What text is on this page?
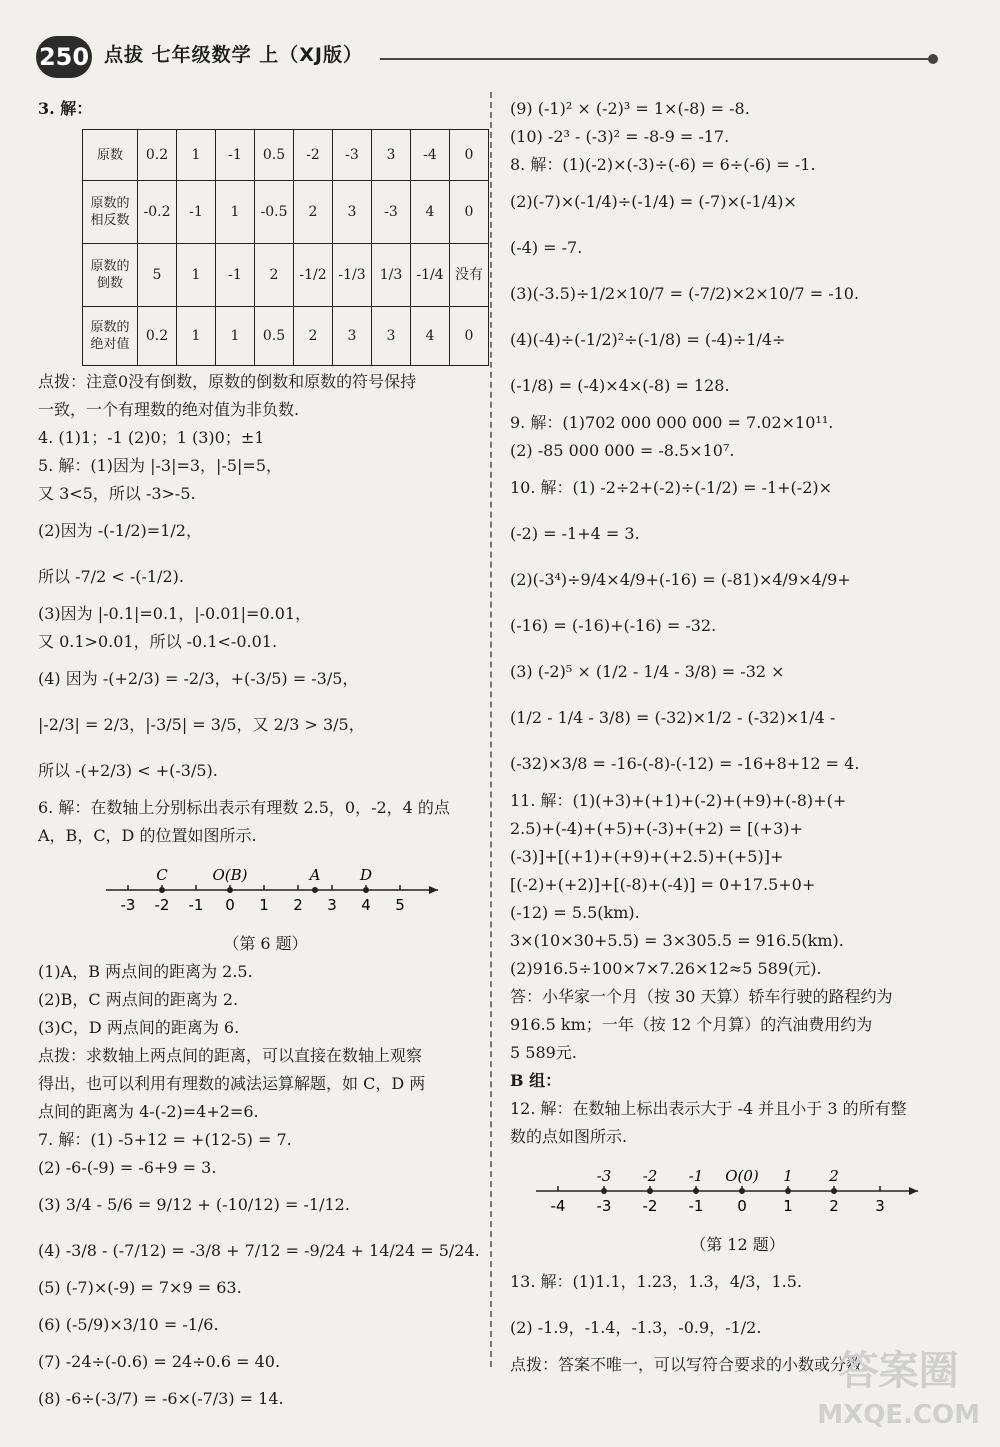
250 点拔 七年级数学 上（XJ版）
3. 解：
原数	0.2	1	-1	0.5	-2	-3	3	-4	0
原数的相反数	-0.2	-1	1	-0.5	2	3	-3	4	0
原数的倒数	5	1	-1	2	-1/2	-1/3	1/3	-1/4	没有
原数的绝对值	0.2	1	1	0.5	2	3	3	4	0
点拨：注意0没有倒数，原数的倒数和原数的符号保持
一致，一个有理数的绝对值为非负数.
4. (1)1；-1 (2)0；1 (3)0；±1
5. 解：(1)因为 |-3|=3，|-5|=5，
又 3<5，所以 -3>-5.
(2)因为 -(-1/2)=1/2，
所以 -7/2 < -(-1/2).
(3)因为 |-0.1|=0.1，|-0.01|=0.01，
又 0.1>0.01，所以 -0.1<-0.01.
(4) 因为 -(+2/3) = -2/3，+(-3/5) = -3/5，
|-2/3| = 2/3，|-3/5| = 3/5，又 2/3 > 3/5，
所以 -(+2/3) < +(-3/5).
6. 解：在数轴上分别标出表示有理数 2.5，0，-2，4 的点
A，B，C，D 的位置如图所示.
-3 -2 -1 0 1 2 3 4 5
C	O(B)	A	D
（第 6 题）
(1)A，B 两点间的距离为 2.5.
(2)B，C 两点间的距离为 2.
(3)C，D 两点间的距离为 6.
点拨：求数轴上两点间的距离，可以直接在数轴上观察
得出，也可以利用有理数的减法运算解题，如 C，D 两
点间的距离为 4-(-2)=4+2=6.
7. 解：(1) -5+12 = +(12-5) = 7.
(2) -6-(-9) = -6+9 = 3.
(3) 3/4 - 5/6 = 9/12 + (-10/12) = -1/12.
(4) -3/8 - (-7/12) = -3/8 + 7/12 = -9/24 + 14/24 = 5/24.
(5) (-7)×(-9) = 7×9 = 63.
(6) (-5/9)×3/10 = -1/6.
(7) -24÷(-0.6) = 24÷0.6 = 40.
(8) -6÷(-3/7) = -6×(-7/3) = 14.
(9) (-1)² × (-2)³ = 1×(-8) = -8.
(10) -2³ - (-3)² = -8-9 = -17.
8. 解：(1)(-2)×(-3)÷(-6) = 6÷(-6) = -1.
(2)(-7)×(-1/4)÷(-1/4) = (-7)×(-1/4)×
(-4) = -7.
(3)(-3.5)÷1/2×10/7 = (-7/2)×2×10/7 = -10.
(4)(-4)÷(-1/2)²÷(-1/8) = (-4)÷1/4÷
(-1/8) = (-4)×4×(-8) = 128.
9. 解：(1)702 000 000 000 = 7.02×10¹¹.
(2) -85 000 000 = -8.5×10⁷.
10. 解：(1) -2÷2+(-2)÷(-1/2) = -1+(-2)×
(-2) = -1+4 = 3.
(2)(-3⁴)÷9/4×4/9+(-16) = (-81)×4/9×4/9+
(-16) = (-16)+(-16) = -32.
(3) (-2)⁵ × (1/2 - 1/4 - 3/8) = -32 ×
(1/2 - 1/4 - 3/8) = (-32)×1/2 - (-32)×1/4 -
(-32)×3/8 = -16-(-8)-(-12) = -16+8+12 = 4.
11. 解：(1)(+3)+(+1)+(-2)+(+9)+(-8)+(+
2.5)+(-4)+(+5)+(-3)+(+2) = [(+3)+
(-3)]+[(+1)+(+9)+(+2.5)+(+5)]+
[(-2)+(+2)]+[(-8)+(-4)] = 0+17.5+0+
(-12) = 5.5(km).
3×(10×30+5.5) = 3×305.5 = 916.5(km).
(2)916.5÷100×7×7.26×12≈5 589(元).
答：小华家一个月（按 30 天算）轿车行驶的路程约为
916.5 km；一年（按 12 个月算）的汽油费用约为
5 589元.
B 组：
12. 解：在数轴上标出表示大于 -4 并且小于 3 的所有整
数的点如图所示.
-4 -3 -2 -1 0 1 2 3
-3 -2 -1 O(0) 1 2
（第 12 题）
13. 解：(1)1.1，1.23，1.3，4/3，1.5.
(2) -1.9，-1.4，-1.3，-0.9，-1/2.
点拨：答案不唯一，可以写符合要求的小数或分数
答案圈
MXQE.COM
